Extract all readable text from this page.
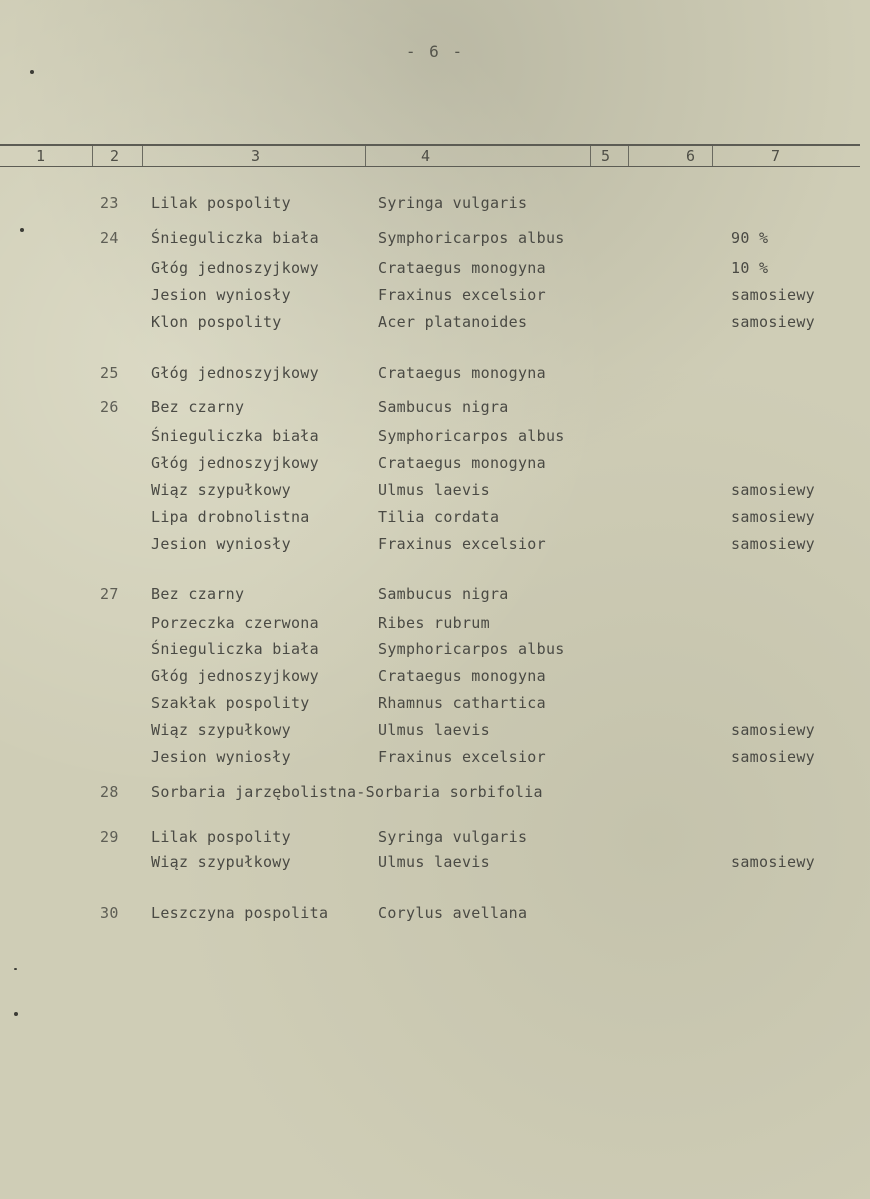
- 6 -
1	2	3	4	5	6	7
23 Lilak pospolity	Syringa vulgaris
24 Śnieguliczka biała	Symphoricarpos albus	90 %
Głóg jednoszyjkowy	Crataegus monogyna	10 %
Jesion wyniosły	Fraxinus excelsior	samosiewy
Klon pospolity	Acer platanoides	samosiewy
25 Głóg jednoszyjkowy	Crataegus monogyna
26 Bez czarny	Sambucus nigra
Śnieguliczka biała	Symphoricarpos albus
Głóg jednoszyjkowy	Crataegus monogyna
Wiąz szypułkowy	Ulmus laevis	samosiewy
Lipa drobnolistna	Tilia cordata	samosiewy
Jesion wyniosły	Fraxinus excelsior	samosiewy
27 Bez czarny	Sambucus nigra
Porzeczka czerwona	Ribes rubrum
Śnieguliczka biała	Symphoricarpos albus
Głóg jednoszyjkowy	Crataegus monogyna
Szakłak pospolity	Rhamnus cathartica
Wiąz szypułkowy	Ulmus laevis	samosiewy
Jesion wyniosły	Fraxinus excelsior	samosiewy
28 Sorbaria jarzębolistna-Sorbaria sorbifolia
29 Lilak pospolity	Syringa vulgaris
Wiąz szypułkowy	Ulmus laevis	samosiewy
30 Leszczyna pospolita	Corylus avellana
